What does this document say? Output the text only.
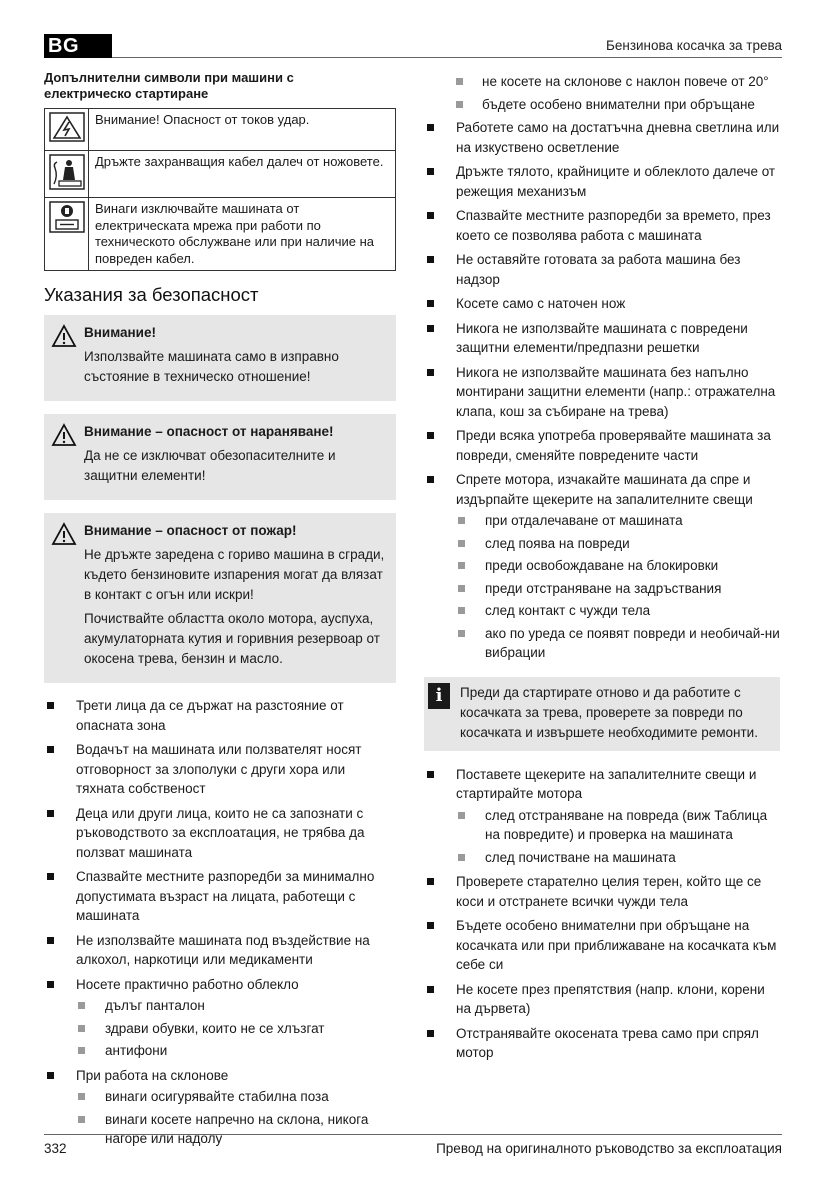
BG	Бензинова косачка за трева
Допълнителни символи при машини с електрическо стартиране
	Внимание! Опасност от токов удар.
	Дръжте захранващия кабел далеч от ножовете.
	Винаги изключвайте машината от електрическата мрежа при работи по техническото обслужване или при наличие на повреден кабел.
Указания за безопасност
Внимание!

Използвайте машината само в изправно състояние в техническо отношение!

Внимание – опасност от нараняване!

Да не се изключват обезопасителните и защитни елементи!

Внимание – опасност от пожар!

Не дръжте заредена с гориво машина в сгради, където бензиновите изпарения могат да влязат в контакт с огън или искри!

Почиствайте областта около мотора, ауспуха, акумулаторната кутия и горивния резервоар от окосена трева, бензин и масло.

Трети лица да се държат на разстояние от опасната зона
Водачът на машината или ползвателят носят отговорност за злополуки с други хора или тяхната собственост
Деца или други лица, които не са запознати с ръководството за експлоатация, не трябва да ползват машината
Спазвайте местните разпоредби за минимално допустимата възраст на лицата, работещи с машината
Не използвайте машината под въздействие на алкохол, наркотици или медикаменти
Носете практично работно облекло
дълъг панталон
здрави обувки, които не се хлъзгат
антифони
При работа на склонове
винаги осигурявайте стабилна поза
винаги косете напречно на склона, никога нагоре или надолу
не косете на склонове с наклон повече от 20°
бъдете особено внимателни при обръщане
Работете само на достатъчна дневна светлина или на изкуствено осветление
Дръжте тялото, крайниците и облеклото далече от режещия механизъм
Спазвайте местните разпоредби за времето, през което се позволява работа с машината
Не оставяйте готовата за работа машина без надзор
Косете само с наточен нож
Никога не използвайте машината с повредени защитни елементи/предпазни решетки
Никога не използвайте машината без напълно монтирани защитни елементи (напр.: отражателна клапа, кош за събиране на трева)
Преди всяка употреба проверявайте машината за повреди, сменяйте повредените части
Спрете мотора, изчакайте машината да спре и издърпайте щекерите на запалителните свещи
при отдалечаване от машината
след поява на повреди
преди освобождаване на блокировки
преди отстраняване на задръствания
след контакт с чужди тела
ако по уреда се появят повреди и необичай-ни вибрации
i	Преди да стартирате отново и да работите с косачката за трева, проверете за повреди по косачката и извършете необходимите ремонти.
Поставете щекерите на запалителните свещи и стартирайте мотора
след отстраняване на повреда (виж Таблица на повредите) и проверка на машината
след почистване на машината
Проверете старателно целия терен, който ще се коси и отстранете всички чужди тела
Бъдете особено внимателни при обръщане на косачката или при приближаване на косачката към себе си
Не косете през препятствия (напр. клони, корени на дървета)
Отстранявайте окосената трева само при спрял мотор
332	Превод на оригиналното ръководство за експлоатация
